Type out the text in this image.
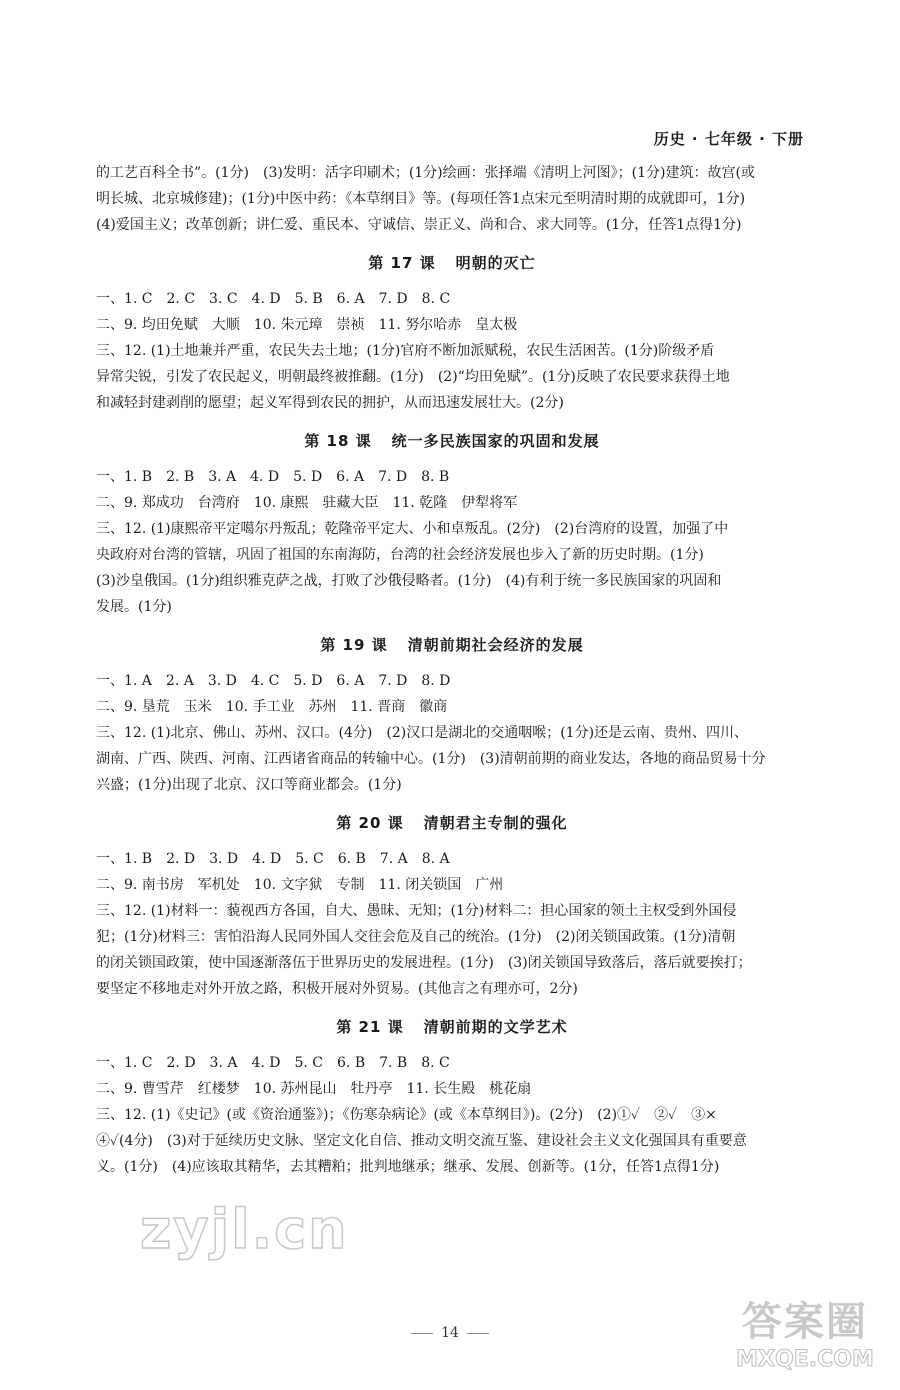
历史 · 七年级 · 下册

的工艺百科全书”。(1分)　(3)发明：活字印刷术；(1分)绘画：张择端《清明上河图》；(1分)建筑：故宫(或

明长城、北京城修建)；(1分)中医中药：《本草纲目》等。(每项任答1点宋元至明清时期的成就即可，1分)

(4)爱国主义；改革创新；讲仁爱、重民本、守诚信、崇正义、尚和合、求大同等。(1分，任答1点得1分)

第 17 课 明朝的灭亡

一、1. C　2. C　3. C　4. D　5. B　6. A　7. D　8. C

二、9. 均田免赋　大顺　10. 朱元璋　崇祯　11. 努尔哈赤　皇太极

三、12. (1)土地兼并严重，农民失去土地；(1分)官府不断加派赋税，农民生活困苦。(1分)阶级矛盾

异常尖锐，引发了农民起义，明朝最终被推翻。(1分)　(2)“均田免赋”。(1分)反映了农民要求获得土地

和减轻封建剥削的愿望；起义军得到农民的拥护，从而迅速发展壮大。(2分)

第 18 课 统一多民族国家的巩固和发展

一、1. B　2. B　3. A　4. D　5. D　6. A　7. D　8. B

二、9. 郑成功　台湾府　10. 康熙　驻藏大臣　11. 乾隆　伊犁将军

三、12. (1)康熙帝平定噶尔丹叛乱；乾隆帝平定大、小和卓叛乱。(2分)　(2)台湾府的设置，加强了中

央政府对台湾的管辖，巩固了祖国的东南海防，台湾的社会经济发展也步入了新的历史时期。(1分)

(3)沙皇俄国。(1分)组织雅克萨之战，打败了沙俄侵略者。(1分)　(4)有利于统一多民族国家的巩固和

发展。(1分)

第 19 课 清朝前期社会经济的发展

一、1. A　2. A　3. D　4. C　5. D　6. A　7. D　8. D

二、9. 垦荒　玉米　10. 手工业　苏州　11. 晋商　徽商

三、12. (1)北京、佛山、苏州、汉口。(4分)　(2)汉口是湖北的交通咽喉；(1分)还是云南、贵州、四川、

湖南、广西、陕西、河南、江西诸省商品的转输中心。(1分)　(3)清朝前期的商业发达，各地的商品贸易十分

兴盛；(1分)出现了北京、汉口等商业都会。(1分)

第 20 课 清朝君主专制的强化

一、1. B　2. D　3. D　4. D　5. C　6. B　7. A　8. A

二、9. 南书房　军机处　10. 文字狱　专制　11. 闭关锁国　广州

三、12. (1)材料一：藐视西方各国，自大、愚昧、无知；(1分)材料二：担心国家的领土主权受到外国侵

犯；(1分)材料三：害怕沿海人民同外国人交往会危及自己的统治。(1分)　(2)闭关锁国政策。(1分)清朝

的闭关锁国政策，使中国逐渐落伍于世界历史的发展进程。(1分)　(3)闭关锁国导致落后，落后就要挨打；

要坚定不移地走对外开放之路，积极开展对外贸易。(其他言之有理亦可，2分)

第 21 课 清朝前期的文学艺术

一、1. C　2. D　3. A　4. D　5. C　6. B　7. B　8. C

二、9. 曹雪芹　红楼梦　10. 苏州昆山　牡丹亭　11. 长生殿　桃花扇

三、12. (1)《史记》(或《资治通鉴》)；《伤寒杂病论》(或《本草纲目》)。(2分)　(2)①✓　②✓　③×

④✓(4分)　(3)对于延续历史文脉、坚定文化自信、推动文明交流互鉴、建设社会主义文化强国具有重要意

义。(1分)　(4)应该取其精华，去其糟粕；批判地继承；继承、发展、创新等。(1分，任答1点得1分)

zyjl.cn
14	答案圈
MXQE.COM
